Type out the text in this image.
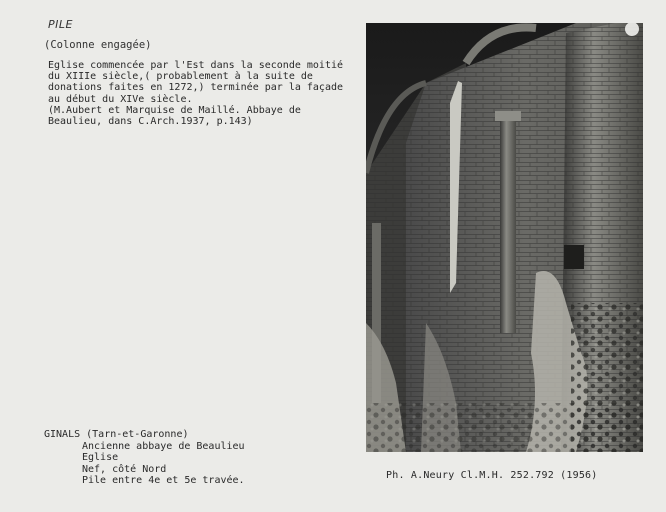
PILE
(Colonne engagée)
Eglise commencée par l'Est dans la seconde moitié du XIIIe siècle,( probablement à la suite de donations faites en 1272,) terminée par la façade au début du XIVe siècle.
(M.Aubert et Marquise de Maillé. Abbaye de Beaulieu, dans C.Arch.1937, p.143)
GINALS (Tarn-et-Garonne)
Ancienne abbaye de Beaulieu
Eglise
Nef, côté Nord
Pile entre 4e et 5e travée.	Ph. A.Neury Cl.M.H. 252.792 (1956)
